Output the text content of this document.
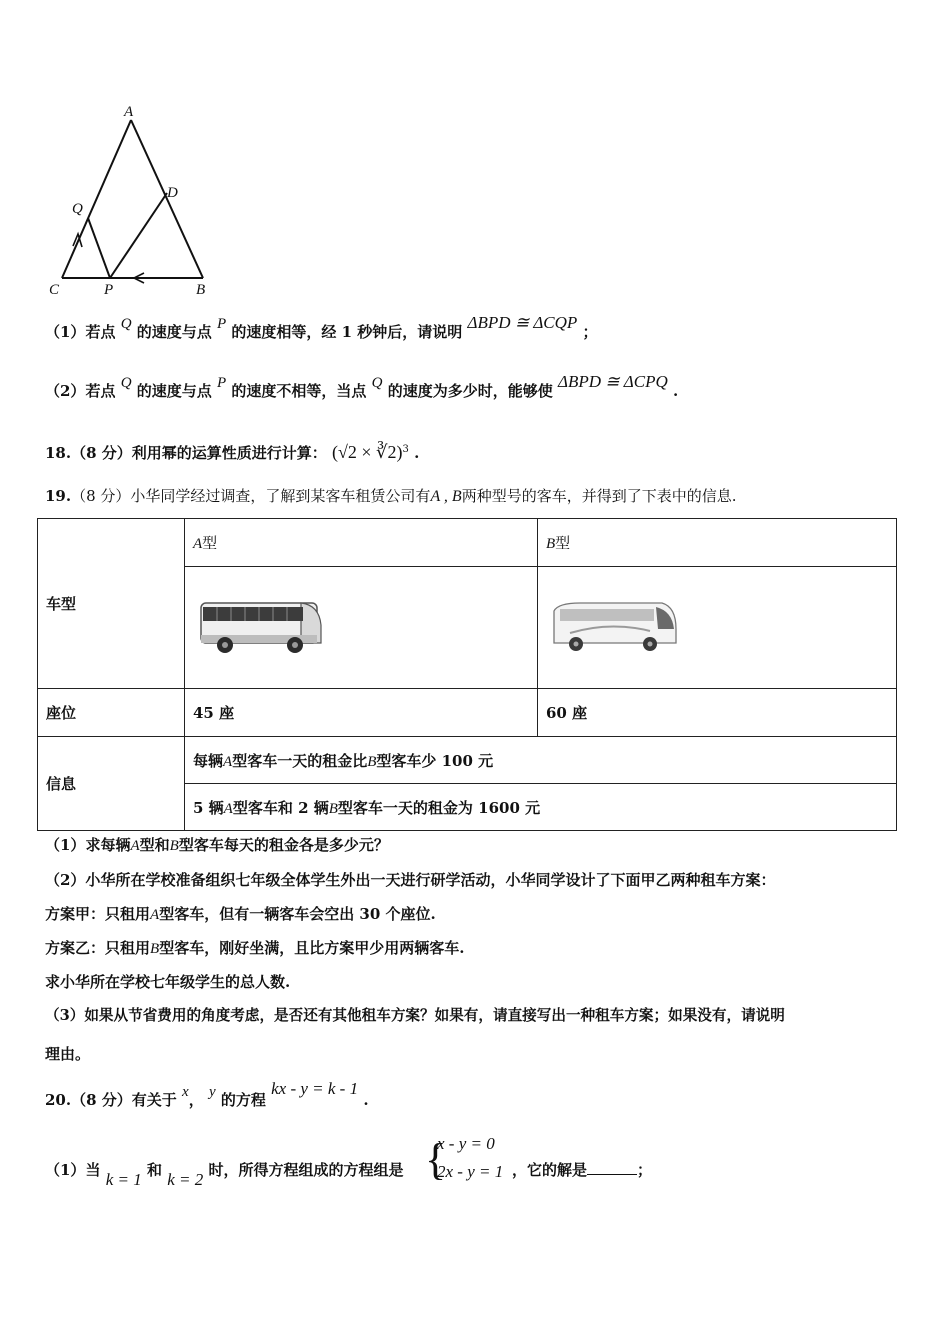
A
D
Q
C	P	B
（1）若点 Q 的速度与点 P 的速度相等，经 1 秒钟后，请说明 ΔBPD ≅ ΔCQP ；
（2）若点 Q 的速度与点 P 的速度不相等，当点 Q 的速度为多少时，能够使 ΔBPD ≅ ΔCPQ .
18.（8 分）利用幂的运算性质进行计算： (√2 × ∛2)$^3$ .
19.（8 分）小华同学经过调查，了解到某客车租赁公司有A , B两种型号的客车，并得到了下表中的信息.
车型	A型	B型

座位	45 座	60 座
信息	每辆A型客车一天的租金比B型客车少 100 元	
	5 辆A型客车和 2 辆B型客车一天的租金为 1600 元	
（1）求每辆A型和B型客车每天的租金各是多少元？
（2）小华所在学校准备组织七年级全体学生外出一天进行研学活动，小华同学设计了下面甲乙两种租车方案：
方案甲：只租用A型客车，但有一辆客车会空出 30 个座位.
方案乙：只租用B型客车，刚好坐满，且比方案甲少用两辆客车.
求小华所在学校七年级学生的总人数.
（3）如果从节省费用的角度考虑，是否还有其他租车方案？如果有，请直接写出一种租车方案；如果没有，请说明
理由。
20.（8 分）有关于 x， y 的方程 kx - y = k - 1 .
（1）当 k = 1 和 k = 2 时，所得方程组成的方程组是 {
x - y = 0
2x - y = 1 ，它的解是	；
